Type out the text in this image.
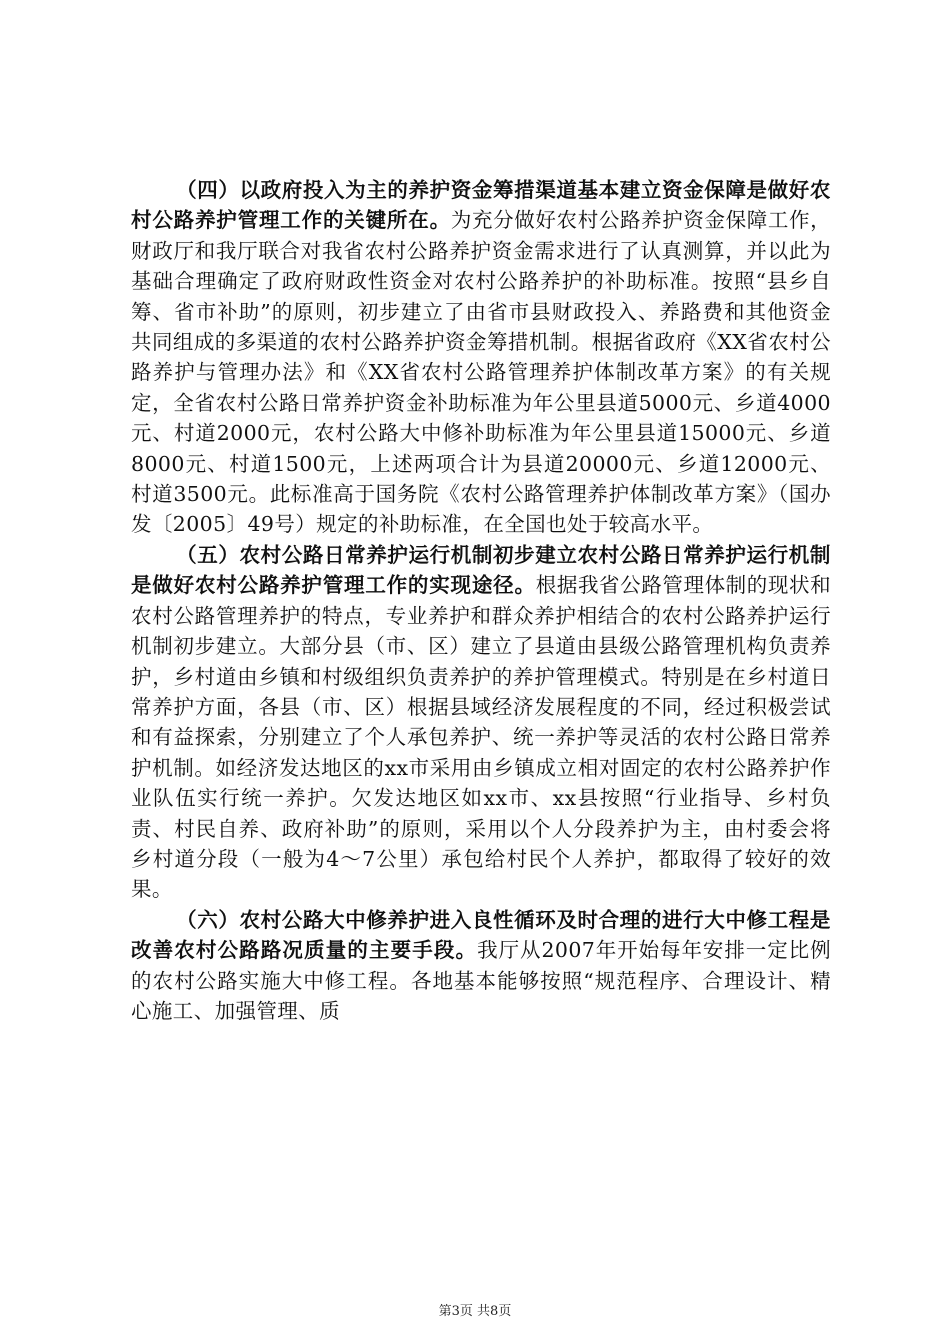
（四）以政府投入为主的养护资金筹措渠道基本建立资金保障是做好农村公路养护管理工作的关键所在。为充分做好农村公路养护资金保障工作，财政厅和我厅联合对我省农村公路养护资金需求进行了认真测算，并以此为基础合理确定了政府财政性资金对农村公路养护的补助标准。按照“县乡自筹、省市补助”的原则，初步建立了由省市县财政投入、养路费和其他资金共同组成的多渠道的农村公路养护资金筹措机制。根据省政府《XX省农村公路养护与管理办法》和《XX省农村公路管理养护体制改革方案》的有关规定，全省农村公路日常养护资金补助标准为年公里县道5000元、乡道4000元、村道2000元，农村公路大中修补助标准为年公里县道15000元、乡道8000元、村道1500元，上述两项合计为县道20000元、乡道12000元、村道3500元。此标准高于国务院《农村公路管理养护体制改革方案》（国办发〔2005〕49号）规定的补助标准，在全国也处于较高水平。

（五）农村公路日常养护运行机制初步建立农村公路日常养护运行机制是做好农村公路养护管理工作的实现途径。根据我省公路管理体制的现状和农村公路管理养护的特点，专业养护和群众养护相结合的农村公路养护运行机制初步建立。大部分县（市、区）建立了县道由县级公路管理机构负责养护，乡村道由乡镇和村级组织负责养护的养护管理模式。特别是在乡村道日常养护方面，各县（市、区）根据县域经济发展程度的不同，经过积极尝试和有益探索，分别建立了个人承包养护、统一养护等灵活的农村公路日常养护机制。如经济发达地区的xx市采用由乡镇成立相对固定的农村公路养护作业队伍实行统一养护。欠发达地区如xx市、xx县按照“行业指导、乡村负责、村民自养、政府补助”的原则，采用以个人分段养护为主，由村委会将乡村道分段（一般为4～7公里）承包给村民个人养护，都取得了较好的效果。

（六）农村公路大中修养护进入良性循环及时合理的进行大中修工程是改善农村公路路况质量的主要手段。我厅从2007年开始每年安排一定比例的农村公路实施大中修工程。各地基本能够按照“规范程序、合理设计、精心施工、加强管理、质

第3页 共8页
